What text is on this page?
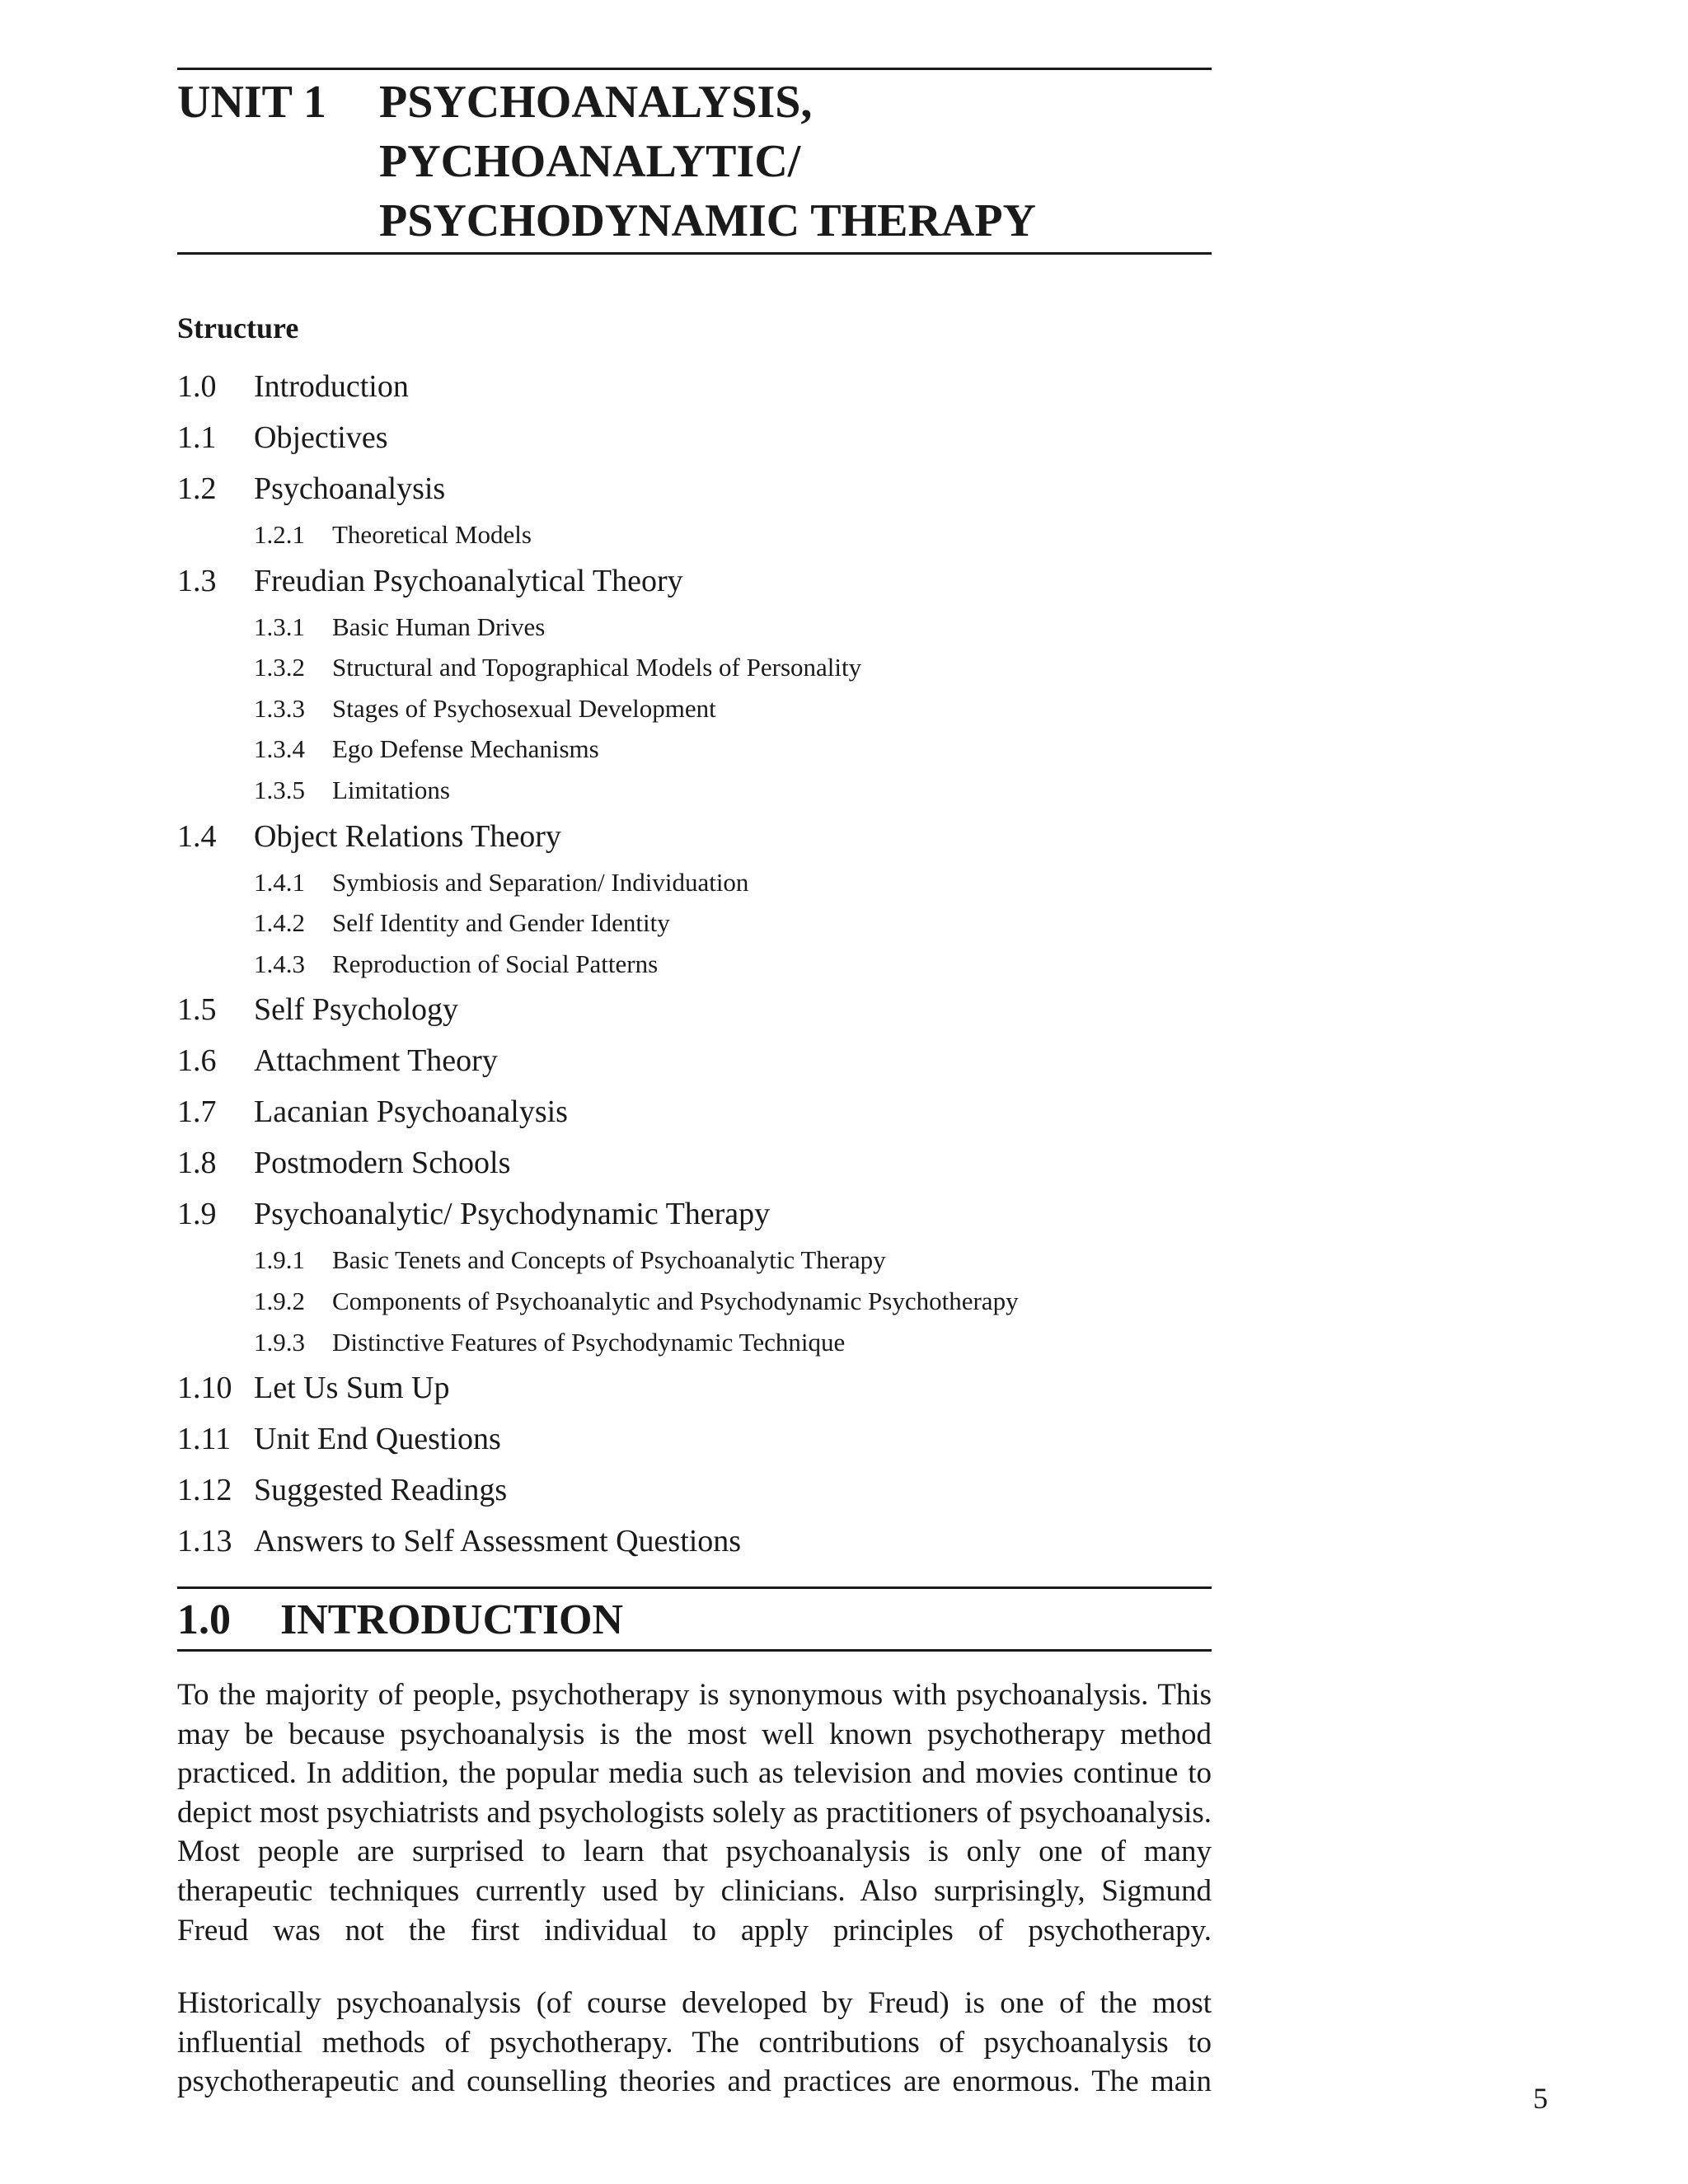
UNIT 1 PSYCHOANALYSIS,
PYCHOANALYTIC/
PSYCHODYNAMIC THERAPY
Structure
1.0 Introduction
1.1 Objectives
1.2 Psychoanalysis
1.2.1 Theoretical Models
1.3 Freudian Psychoanalytical Theory
1.3.1 Basic Human Drives
1.3.2 Structural and Topographical Models of Personality
1.3.3 Stages of Psychosexual Development
1.3.4 Ego Defense Mechanisms
1.3.5 Limitations
1.4 Object Relations Theory
1.4.1 Symbiosis and Separation/ Individuation
1.4.2 Self Identity and Gender Identity
1.4.3 Reproduction of Social Patterns
1.5 Self Psychology
1.6 Attachment Theory
1.7 Lacanian Psychoanalysis
1.8 Postmodern Schools
1.9 Psychoanalytic/ Psychodynamic Therapy
1.9.1 Basic Tenets and Concepts of Psychoanalytic Therapy
1.9.2 Components of Psychoanalytic and Psychodynamic Psychotherapy
1.9.3 Distinctive Features of Psychodynamic Technique
1.10 Let Us Sum Up
1.11 Unit End Questions
1.12 Suggested Readings
1.13 Answers to Self Assessment Questions
1.0 INTRODUCTION
To the majority of people, psychotherapy is synonymous with psychoanalysis. This may be because psychoanalysis is the most well known psychotherapy method practiced. In addition, the popular media such as television and movies continue to depict most psychiatrists and psychologists solely as practitioners of psychoanalysis. Most people are surprised to learn that psychoanalysis is only one of many therapeutic techniques currently used by clinicians. Also surprisingly, Sigmund Freud was not the first individual to apply principles of psychotherapy.
Historically psychoanalysis (of course developed by Freud) is one of the most influential methods of psychotherapy. The contributions of psychoanalysis to psychotherapeutic and counselling theories and practices are enormous. The main	5
